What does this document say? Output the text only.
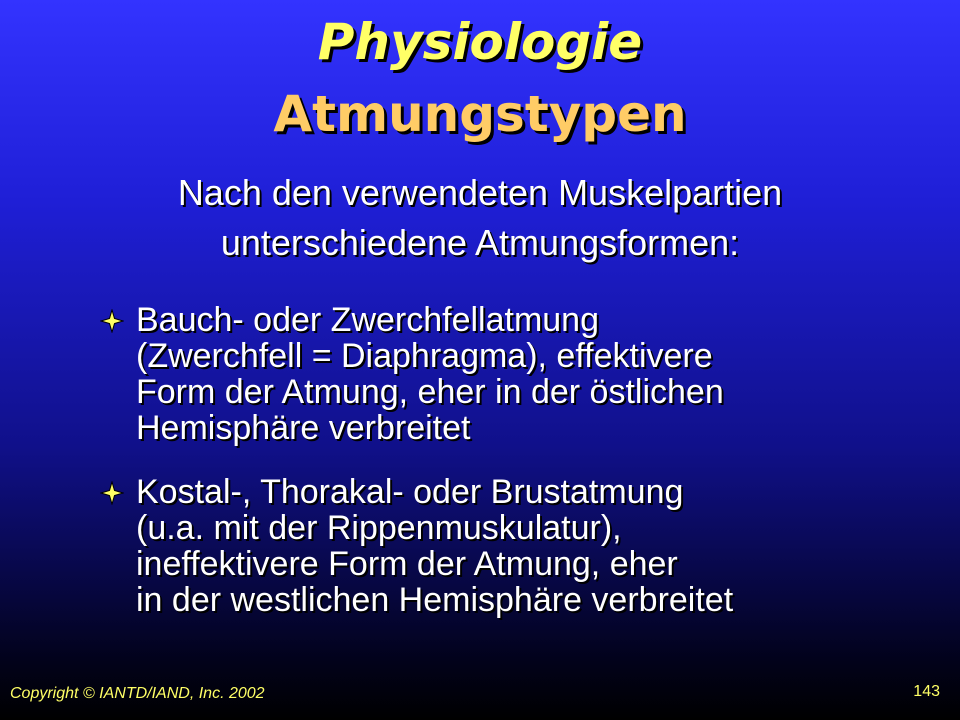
Physiologie
Atmungstypen
Nach den verwendeten Muskelpartien
unterschiedene Atmungsformen:
Bauch- oder Zwerchfellatmung
(Zwerchfell = Diaphragma), effektivere
Form der Atmung, eher in der östlichen
Hemisphäre verbreitet
Kostal-, Thorakal- oder Brustatmung
(u.a. mit der Rippenmuskulatur),
ineffektivere Form der Atmung, eher
in der westlichen Hemisphäre verbreitet
Copyright © IANTD/IAND, Inc. 2002	143
